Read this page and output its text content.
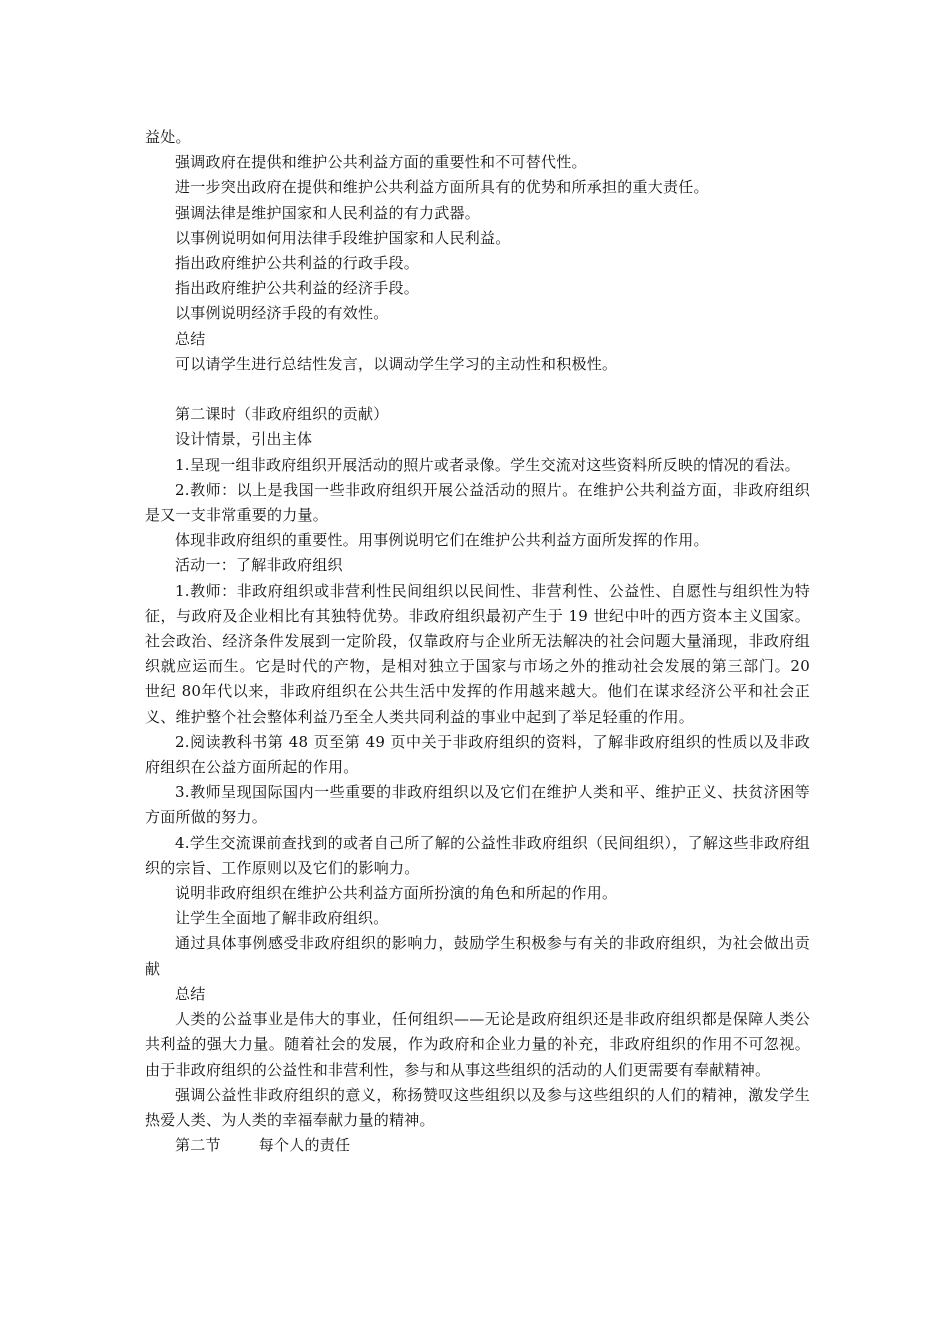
益处。

强调政府在提供和维护公共利益方面的重要性和不可替代性。

进一步突出政府在提供和维护公共利益方面所具有的优势和所承担的重大责任。

强调法律是维护国家和人民利益的有力武器。

以事例说明如何用法律手段维护国家和人民利益。

指出政府维护公共利益的行政手段。

指出政府维护公共利益的经济手段。

以事例说明经济手段的有效性。

总结

可以请学生进行总结性发言，以调动学生学习的主动性和积极性。

第二课时（非政府组织的贡献）

设计情景，引出主体

1.呈现一组非政府组织开展活动的照片或者录像。学生交流对这些资料所反映的情况的看法。

2.教师：以上是我国一些非政府组织开展公益活动的照片。在维护公共利益方面，非政府组织是又一支非常重要的力量。

体现非政府组织的重要性。用事例说明它们在维护公共利益方面所发挥的作用。

活动一：了解非政府组织

1.教师：非政府组织或非营利性民间组织以民间性、非营利性、公益性、自愿性与组织性为特征，与政府及企业相比有其独特优势。非政府组织最初产生于 19 世纪中叶的西方资本主义国家。社会政治、经济条件发展到一定阶段，仅靠政府与企业所无法解决的社会问题大量涌现，非政府组织就应运而生。它是时代的产物，是相对独立于国家与市场之外的推动社会发展的第三部门。20 世纪 80年代以来，非政府组织在公共生活中发挥的作用越来越大。他们在谋求经济公平和社会正义、维护整个社会整体利益乃至全人类共同利益的事业中起到了举足轻重的作用。

2.阅读教科书第 48 页至第 49 页中关于非政府组织的资料，了解非政府组织的性质以及非政府组织在公益方面所起的作用。

3.教师呈现国际国内一些重要的非政府组织以及它们在维护人类和平、维护正义、扶贫济困等方面所做的努力。

4.学生交流课前查找到的或者自己所了解的公益性非政府组织（民间组织），了解这些非政府组织的宗旨、工作原则以及它们的影响力。

说明非政府组织在维护公共利益方面所扮演的角色和所起的作用。

让学生全面地了解非政府组织。

通过具体事例感受非政府组织的影响力，鼓励学生积极参与有关的非政府组织，为社会做出贡献

总结

人类的公益事业是伟大的事业，任何组织——无论是政府组织还是非政府组织都是保障人类公共利益的强大力量。随着社会的发展，作为政府和企业力量的补充，非政府组织的作用不可忽视。由于非政府组织的公益性和非营利性，参与和从事这些组织的活动的人们更需要有奉献精神。

强调公益性非政府组织的意义，称扬赞叹这些组织以及参与这些组织的人们的精神，激发学生热爱人类、为人类的幸福奉献力量的精神。

第二节	每个人的责任
